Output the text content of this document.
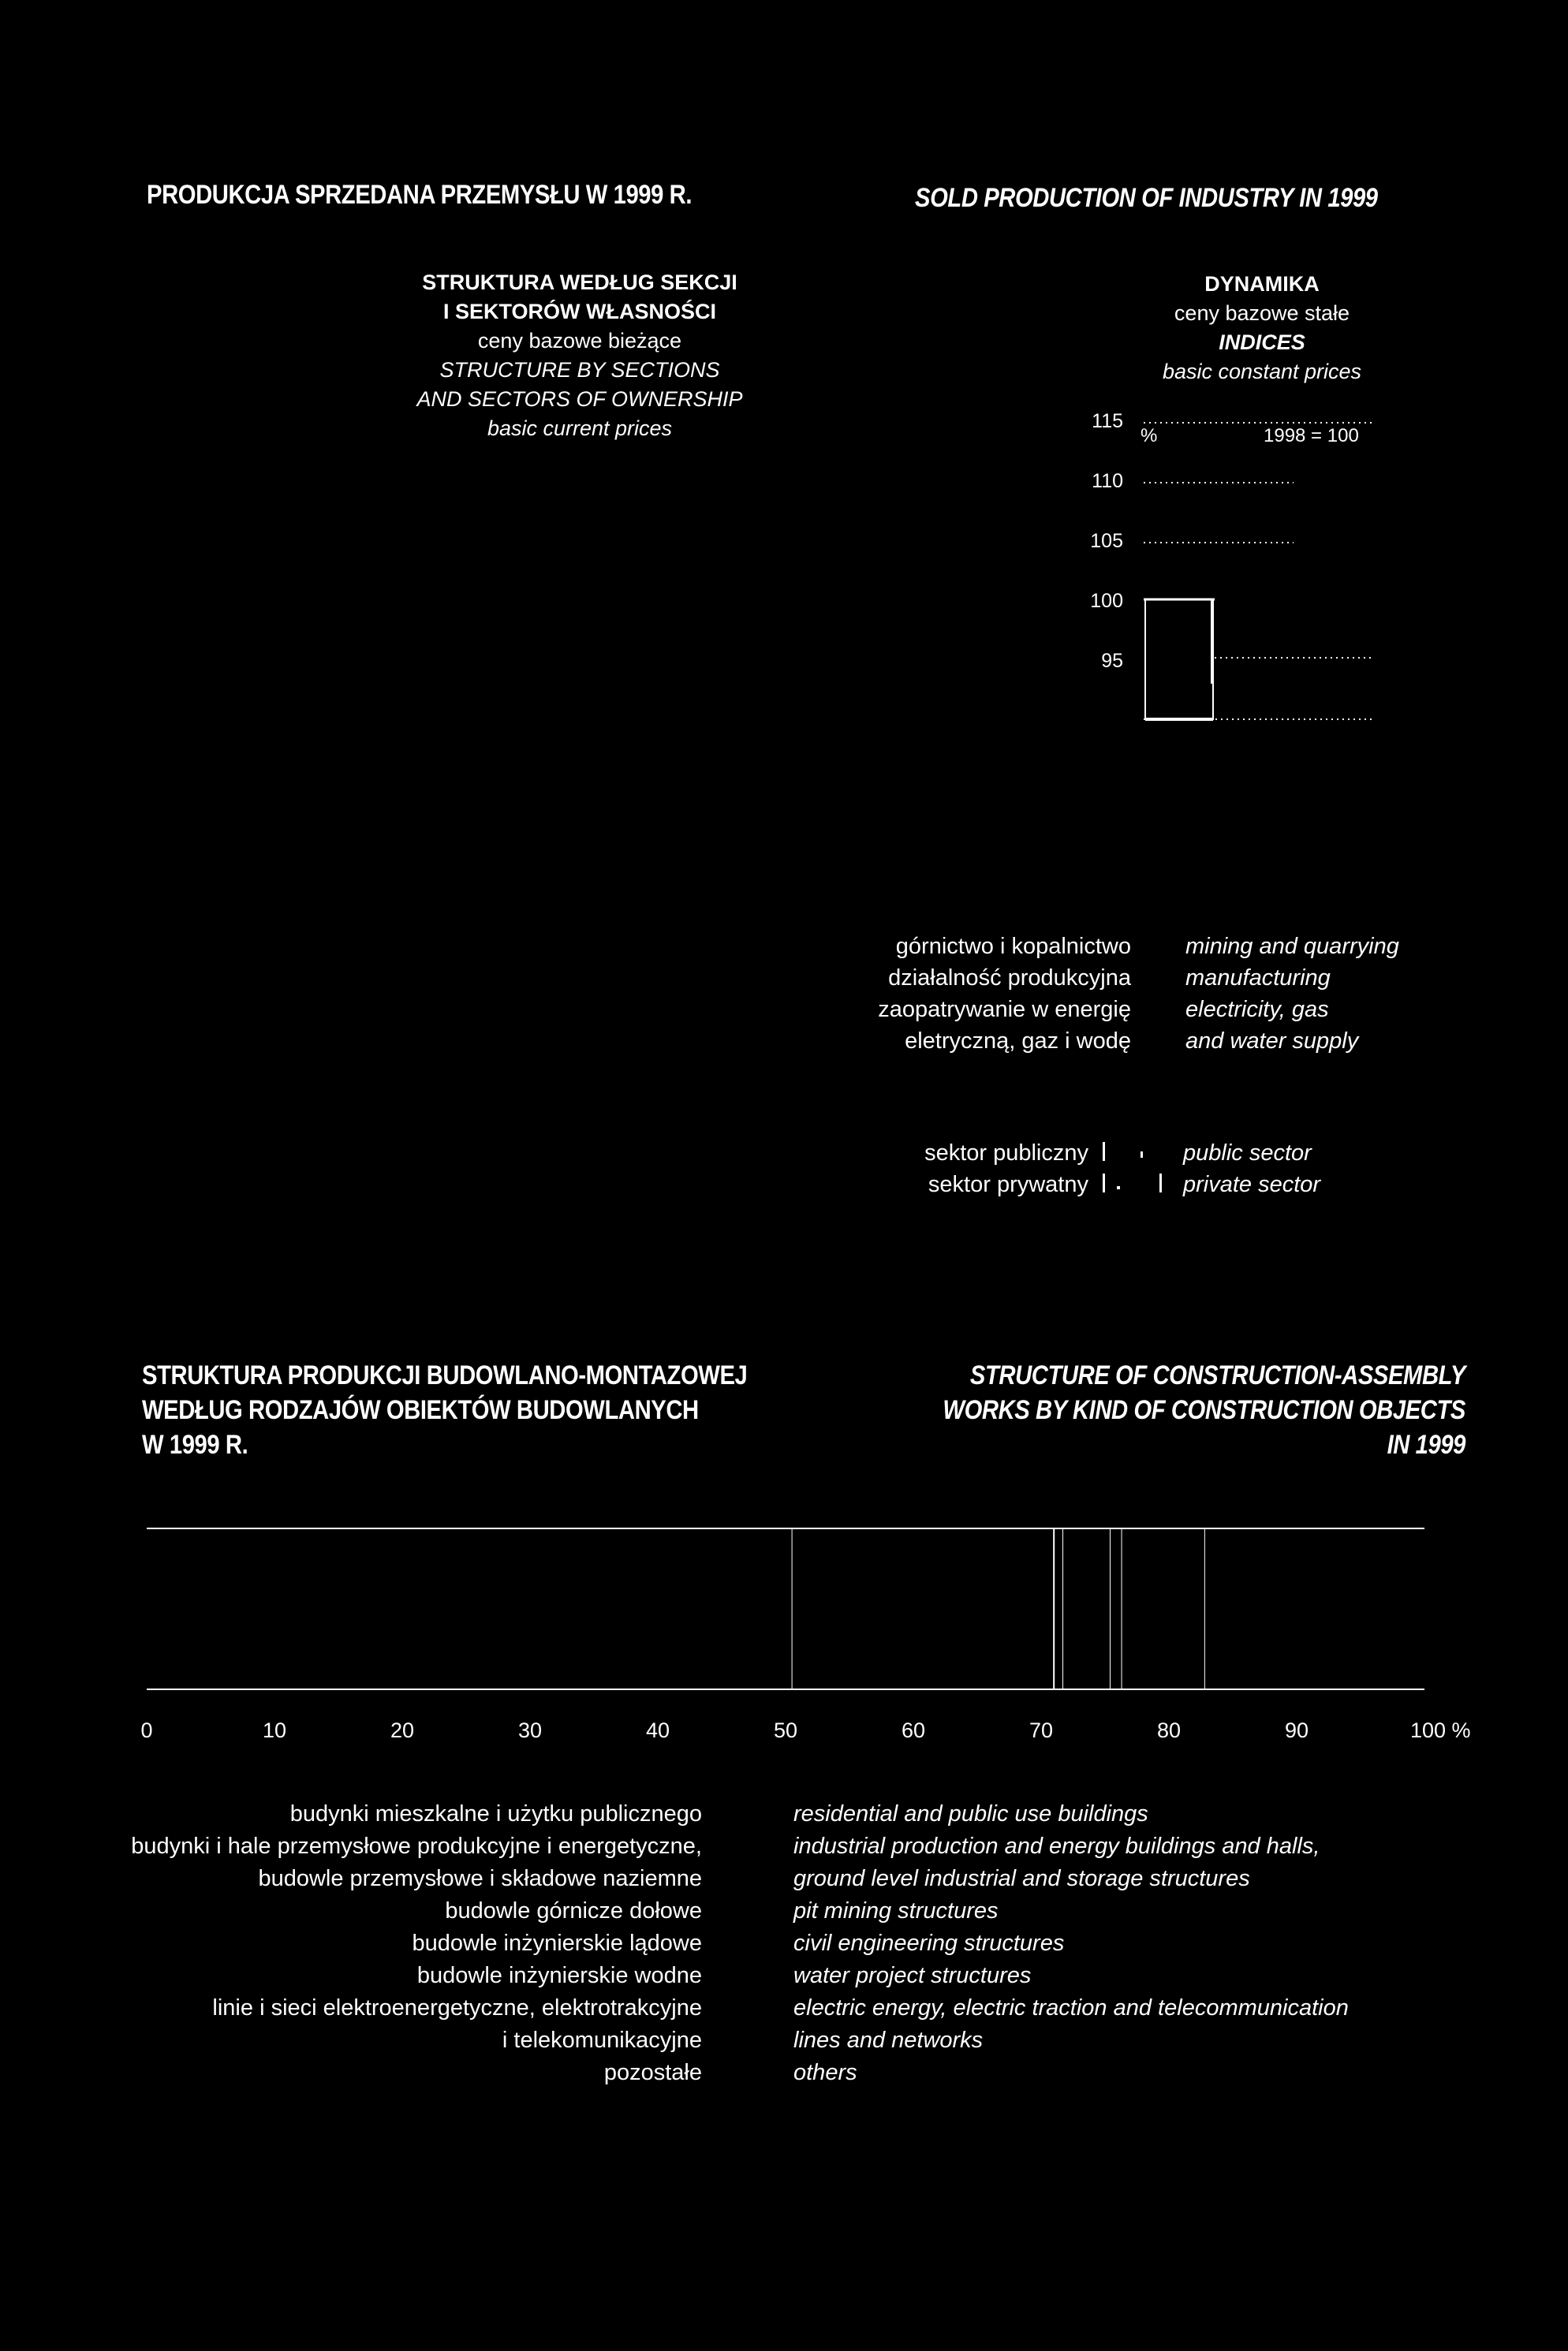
PRODUKCJA SPRZEDANA PRZEMYSŁU W 1999 R.	SOLD PRODUCTION OF INDUSTRY IN 1999
STRUKTURA WEDŁUG SEKCJI
I SEKTORÓW WŁASNOŚCI
ceny bazowe bieżące
STRUCTURE BY SECTIONS
AND SECTORS OF OWNERSHIP
basic current prices
DYNAMIKA
ceny bazowe stałe
INDICES
basic constant prices
%	1998 = 100
115
110
105
100
95
górnictwo i kopalnictwo
działalność produkcyjna
zaopatrywanie w energię
eletryczną, gaz i wodę
mining and quarrying
manufacturing
electricity, gas
and water supply
sektor publiczny
sektor prywatny
public sector
private sector
STRUKTURA PRODUKCJI BUDOWLANO-MONTAZOWEJ
WEDŁUG RODZAJÓW OBIEKTÓW BUDOWLANYCH
W 1999 R.
STRUCTURE OF CONSTRUCTION-ASSEMBLY
WORKS BY KIND OF CONSTRUCTION OBJECTS
IN 1999
0	10	20	30	40	50	60	70	80	90	100 %
budynki mieszkalne i użytku publicznego
budynki i hale przemysłowe produkcyjne i energetyczne,
budowle przemysłowe i składowe naziemne
budowle górnicze dołowe
budowle inżynierskie lądowe
budowle inżynierskie wodne
linie i sieci elektroenergetyczne, elektrotrakcyjne
i telekomunikacyjne
pozostałe
residential and public use buildings
industrial production and energy buildings and halls,
ground level industrial and storage structures
pit mining structures
civil engineering structures
water project structures
electric energy, electric traction and telecommunication
lines and networks
others
